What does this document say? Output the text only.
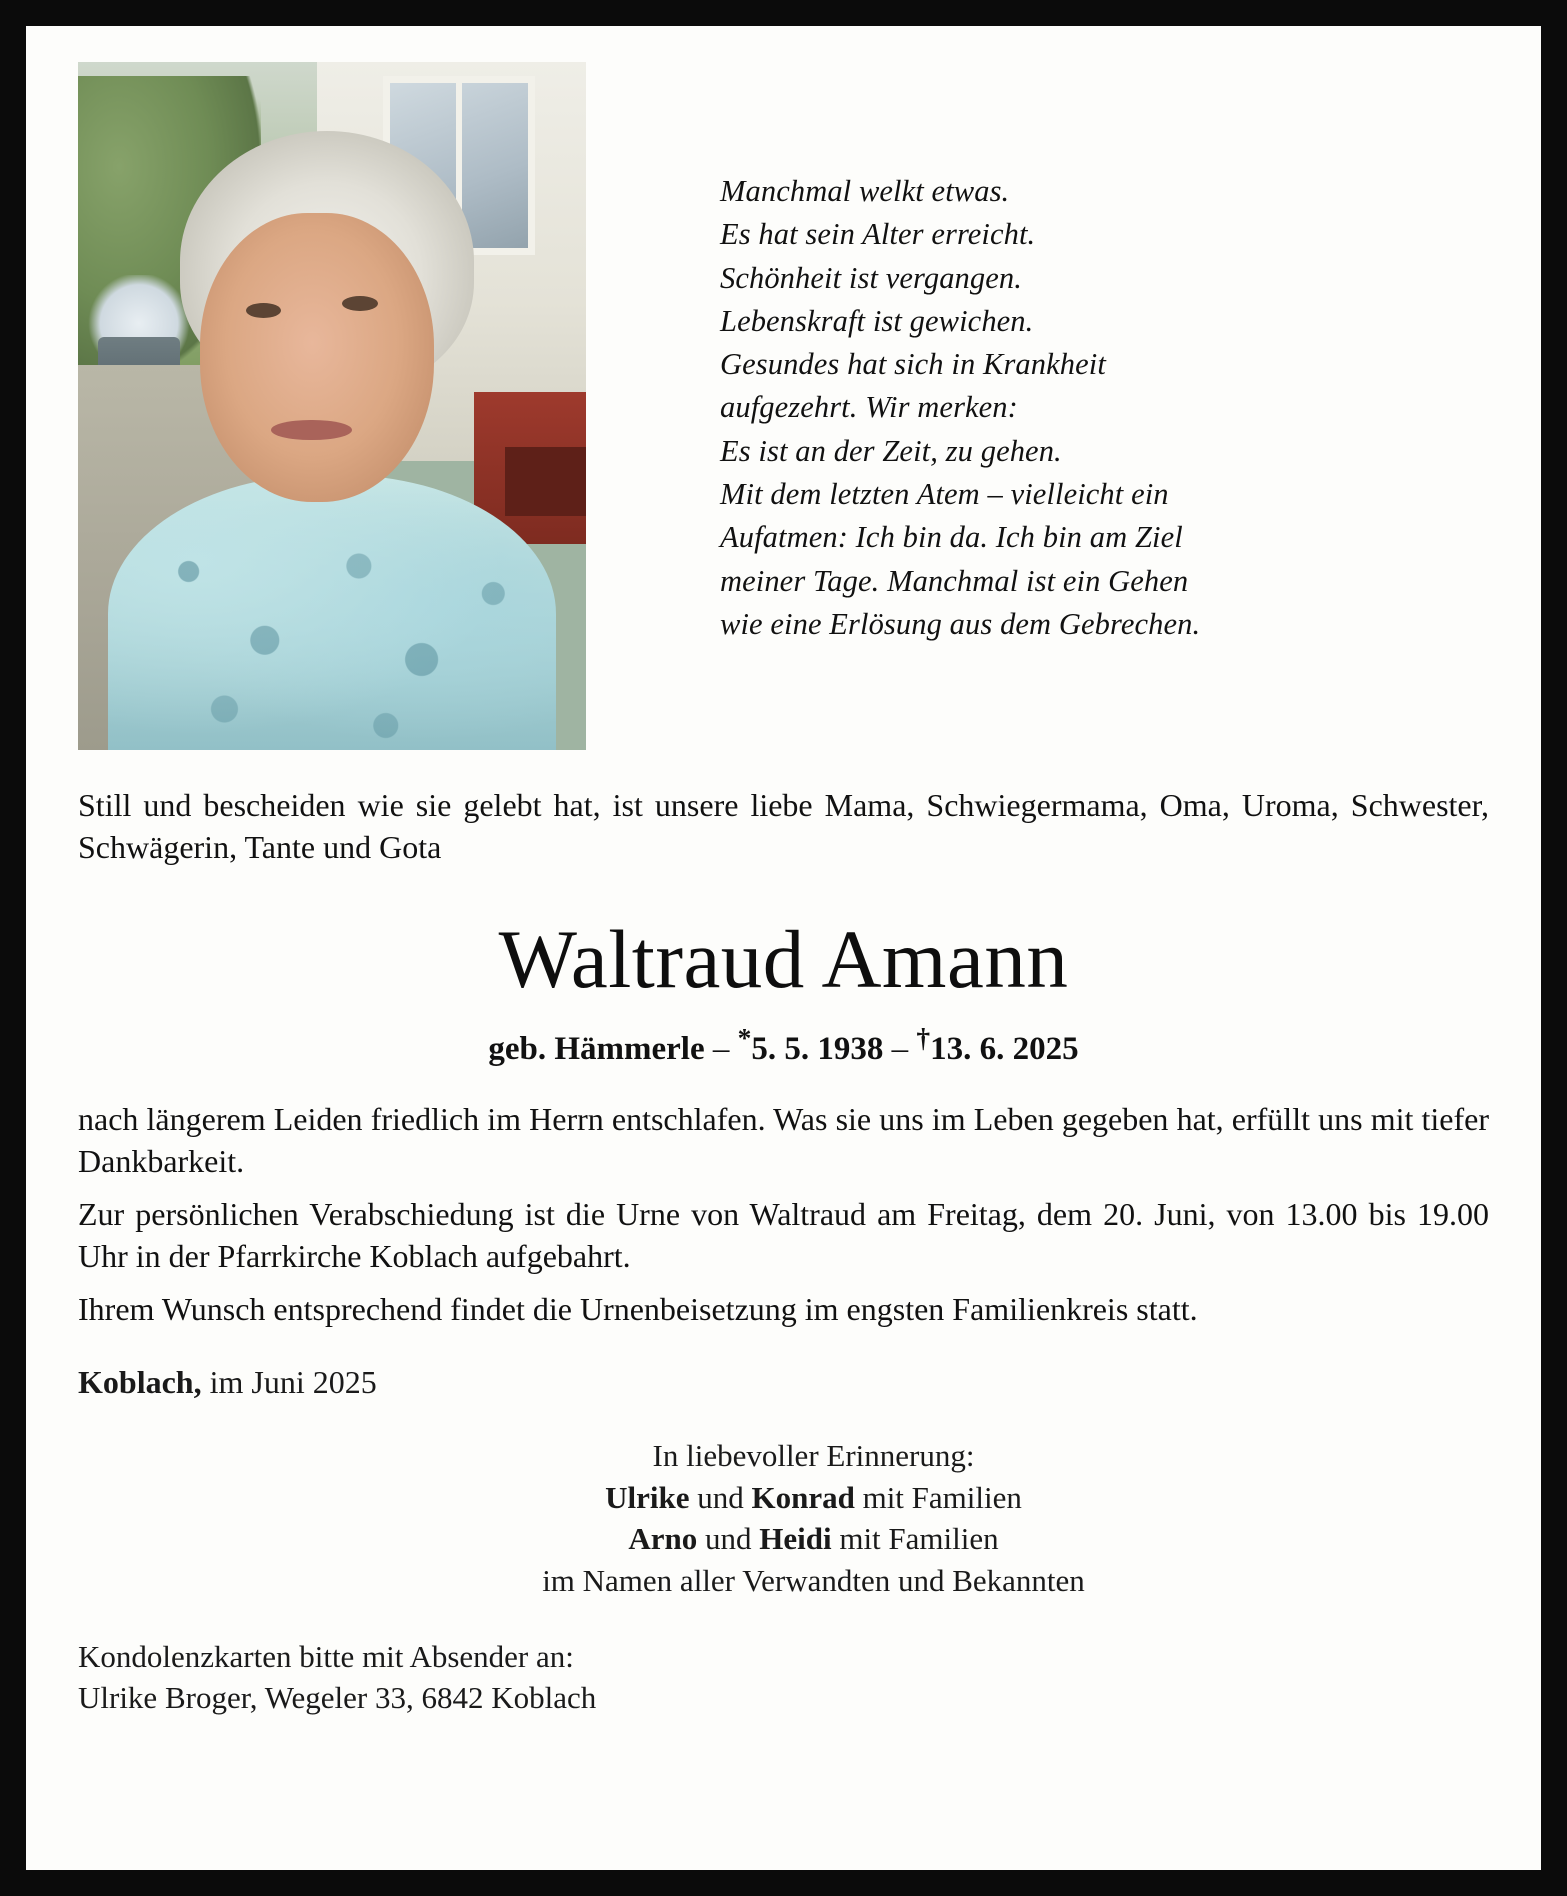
Manchmal welkt etwas.
Es hat sein Alter erreicht.
Schönheit ist vergangen.
Lebenskraft ist gewichen.
Gesundes hat sich in Krankheit
aufgezehrt. Wir merken:
Es ist an der Zeit, zu gehen.
Mit dem letzten Atem – vielleicht ein
Aufatmen: Ich bin da. Ich bin am Ziel
meiner Tage. Manchmal ist ein Gehen
wie eine Erlösung aus dem Gebrechen.
Still und bescheiden wie sie gelebt hat, ist unsere liebe Mama, Schwiegermama, Oma, Uroma, Schwester, Schwägerin, Tante und Gota
Waltraud Amann
geb. Hämmerle – *5. 5. 1938 – †13. 6. 2025

nach längerem Leiden friedlich im Herrn entschlafen. Was sie uns im Leben gegeben hat, erfüllt uns mit tiefer Dankbarkeit.

Zur persönlichen Verabschiedung ist die Urne von Waltraud am Freitag, dem 20. Juni, von 13.00 bis 19.00 Uhr in der Pfarrkirche Koblach aufgebahrt.

Ihrem Wunsch entsprechend findet die Urnenbeisetzung im engsten Familienkreis statt.

Koblach, im Juni 2025
In liebevoller Erinnerung:
Ulrike und Konrad mit Familien
Arno und Heidi mit Familien
im Namen aller Verwandten und Bekannten
Kondolenzkarten bitte mit Absender an:
Ulrike Broger, Wegeler 33, 6842 Koblach
